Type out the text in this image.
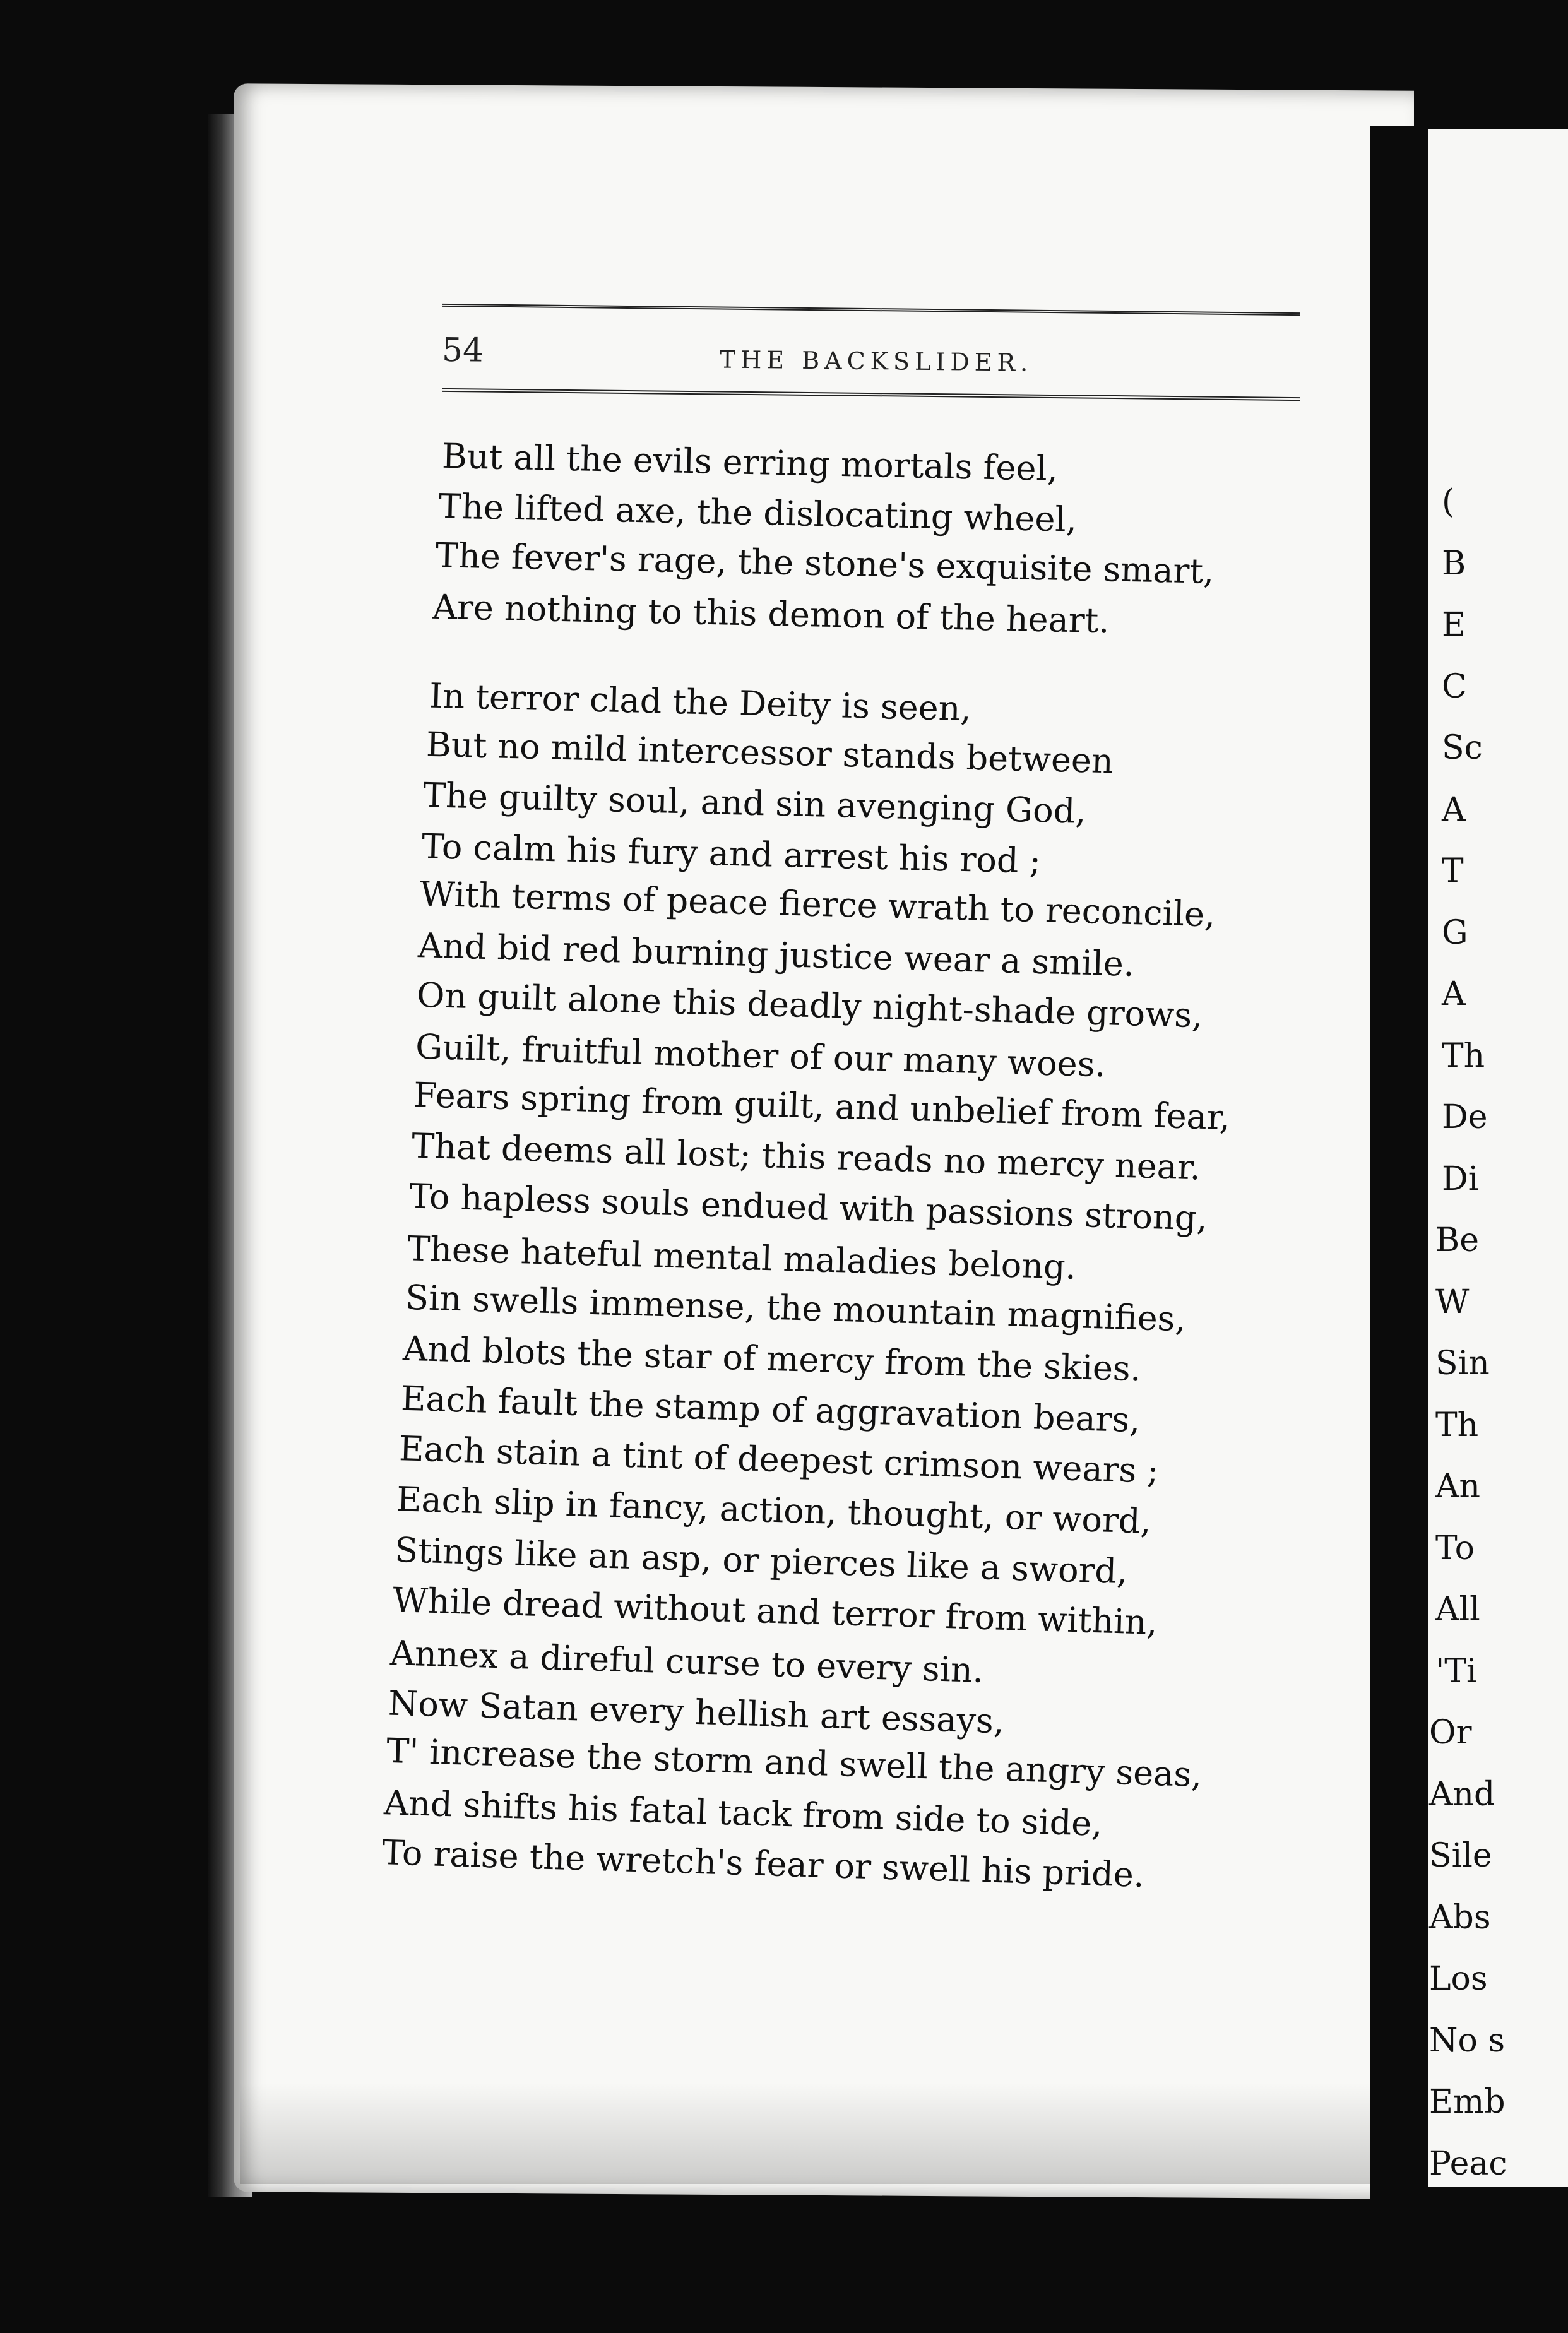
(
B
E
C
Sc
A
T
G
A
Th
De
Di
Be
W
Sin
Th
An
To
All
'Ti
Or
And
Sile
Abs
Los
No s
Emb
Peac
54	THE BACKSLIDER.
But all the evils erring mortals feel,
The lifted axe, the dislocating wheel,
The fever's rage, the stone's exquisite smart,
Are nothing to this demon of the heart.
In terror clad the Deity is seen,
But no mild intercessor stands between
The guilty soul, and sin avenging God,
To calm his fury and arrest his rod ;
With terms of peace fierce wrath to reconcile,
And bid red burning justice wear a smile.
On guilt alone this deadly night-shade grows,
Guilt, fruitful mother of our many woes.
Fears spring from guilt, and unbelief from fear,
That deems all lost; this reads no mercy near.
To hapless souls endued with passions strong,
These hateful mental maladies belong.
Sin swells immense, the mountain magnifies,
And blots the star of mercy from the skies.
Each fault the stamp of aggravation bears,
Each stain a tint of deepest crimson wears ;
Each slip in fancy, action, thought, or word,
Stings like an asp, or pierces like a sword,
While dread without and terror from within,
Annex a direful curse to every sin.
Now Satan every hellish art essays,
T' increase the storm and swell the angry seas,
And shifts his fatal tack from side to side,
To raise the wretch's fear or swell his pride.
